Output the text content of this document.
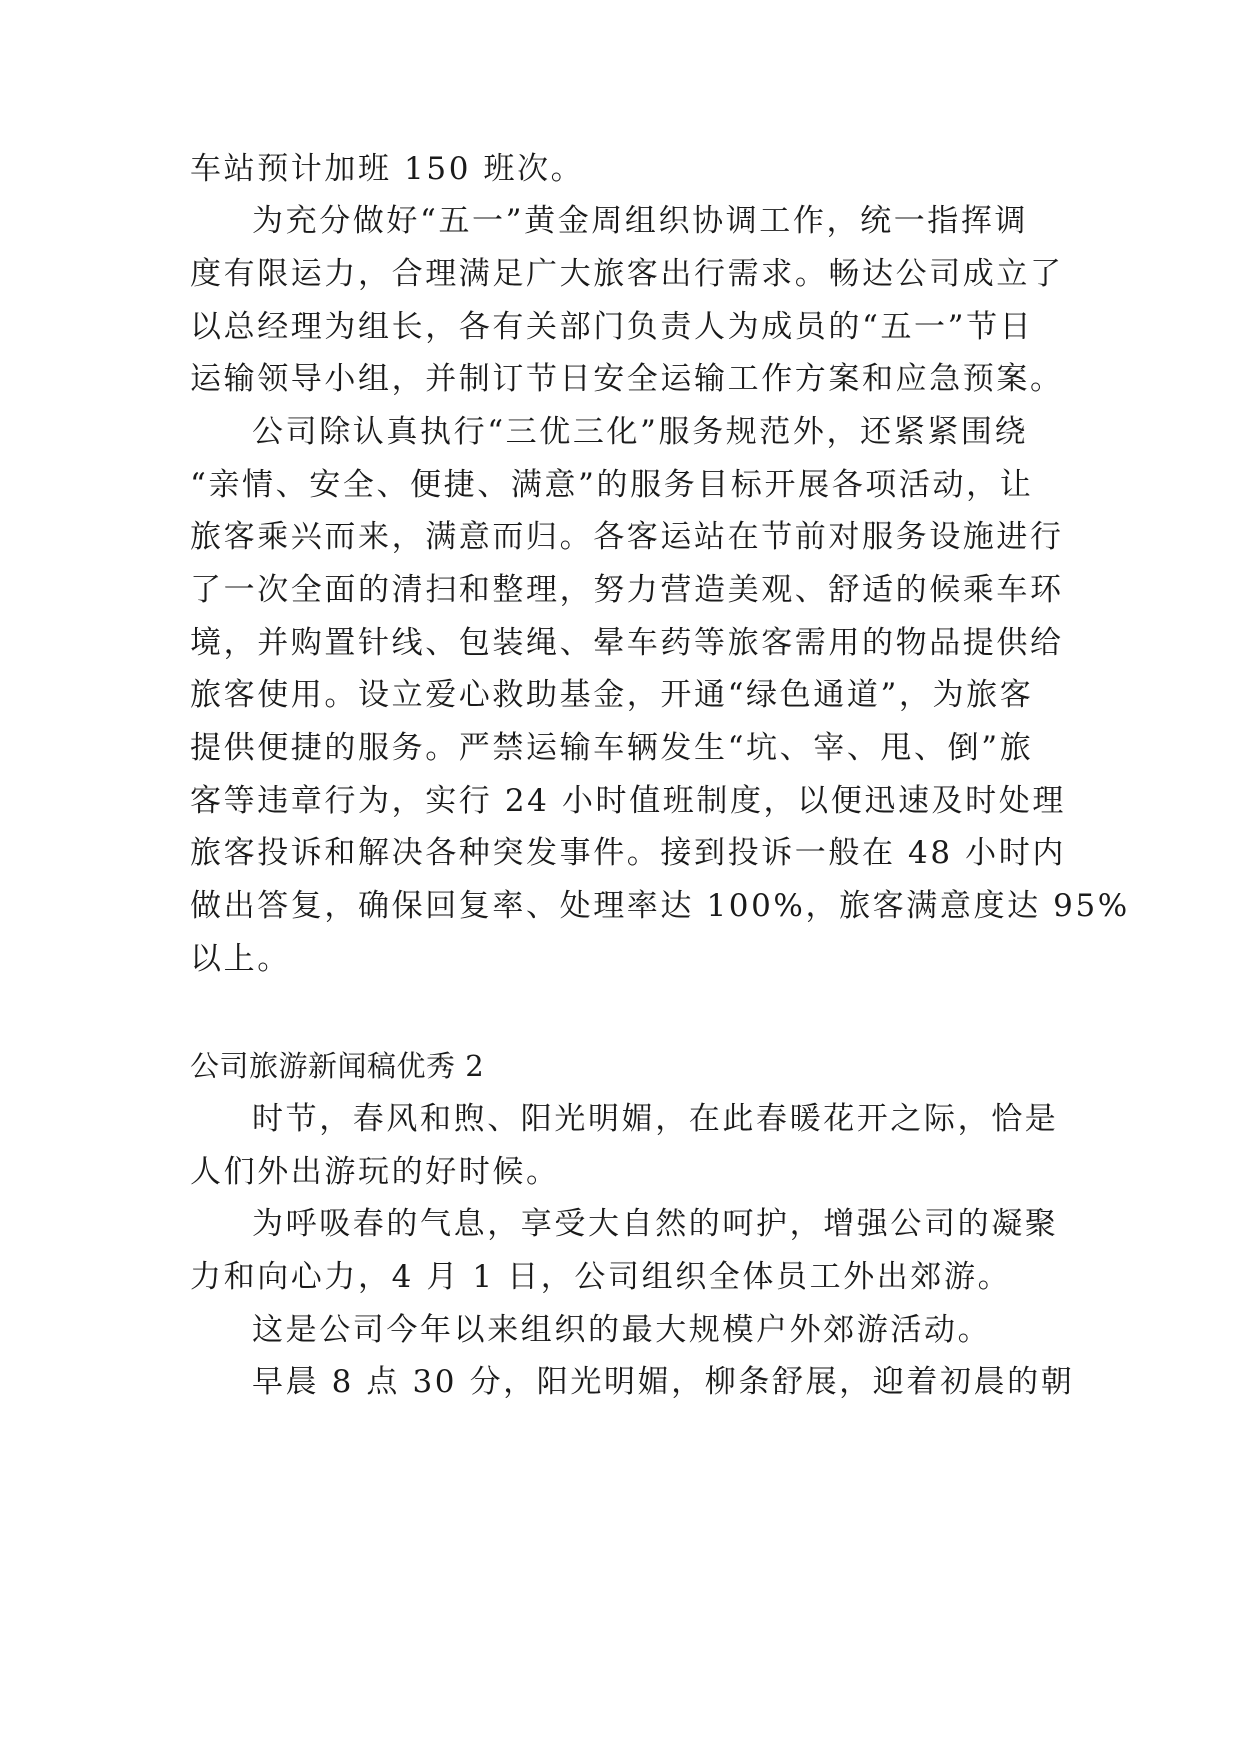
车站预计加班 150 班次。
为充分做好“五一”黄金周组织协调工作，统一指挥调
度有限运力，合理满足广大旅客出行需求。畅达公司成立了
以总经理为组长，各有关部门负责人为成员的“五一”节日
运输领导小组，并制订节日安全运输工作方案和应急预案。
公司除认真执行“三优三化”服务规范外，还紧紧围绕
“亲情、安全、便捷、满意”的服务目标开展各项活动，让
旅客乘兴而来，满意而归。各客运站在节前对服务设施进行
了一次全面的清扫和整理，努力营造美观、舒适的候乘车环
境，并购置针线、包装绳、晕车药等旅客需用的物品提供给
旅客使用。设立爱心救助基金，开通“绿色通道”，为旅客
提供便捷的服务。严禁运输车辆发生“坑、宰、甩、倒”旅
客等违章行为，实行 24 小时值班制度，以便迅速及时处理
旅客投诉和解决各种突发事件。接到投诉一般在 48 小时内
做出答复，确保回复率、处理率达 100%，旅客满意度达 95%
以上。
公司旅游新闻稿优秀 2
时节，春风和煦、阳光明媚，在此春暖花开之际，恰是
人们外出游玩的好时候。
为呼吸春的气息，享受大自然的呵护，增强公司的凝聚
力和向心力，4 月 1 日，公司组织全体员工外出郊游。
这是公司今年以来组织的最大规模户外郊游活动。
早晨 8 点 30 分，阳光明媚，柳条舒展，迎着初晨的朝
